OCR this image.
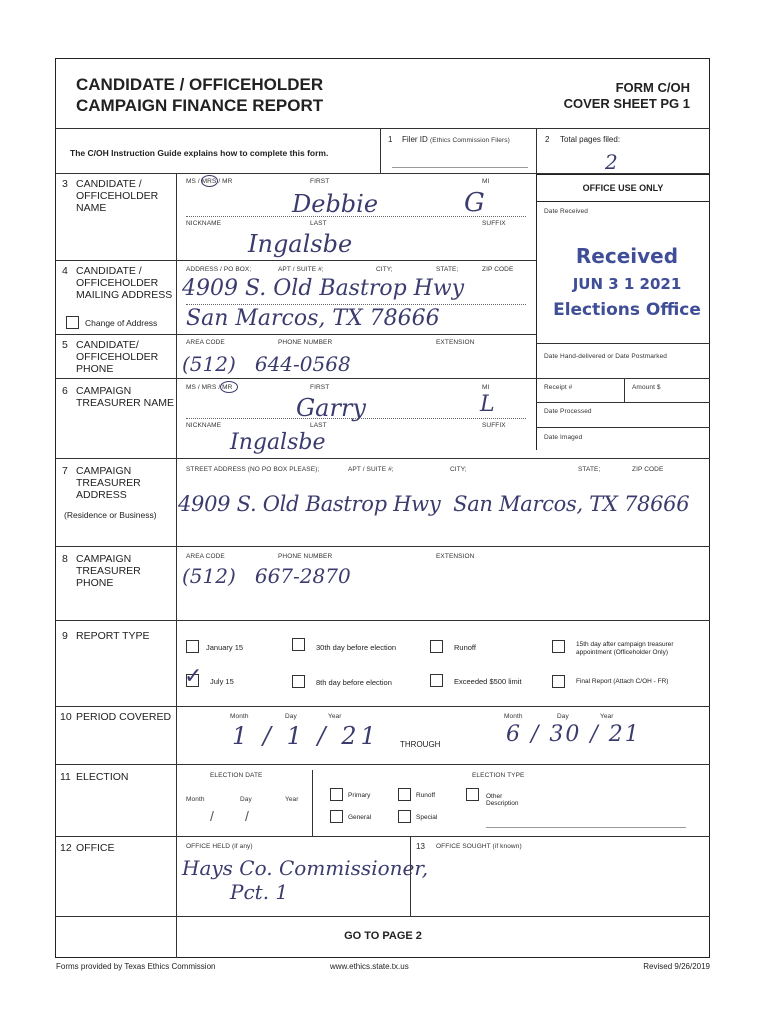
CANDIDATE / OFFICEHOLDER
CAMPAIGN FINANCE REPORT
FORM C/OH
COVER SHEET PG 1
The C/OH Instruction Guide explains how to complete this form.
1 Filer ID (Ethics Commission Filers)	2 Total pages filed:
2
OFFICE USE ONLY
Date Received
Received
JUN 3 1 2021
Elections Office
Date Hand-delivered or Date Postmarked
Receipt #	Amount $
Date Processed
Date Imaged
3 CANDIDATE / OFFICEHOLDER NAME
MS / MRS / MR	FIRST	MI
Debbie	G
NICKNAME	LAST	SUFFIX
Ingalsbe
4 CANDIDATE / OFFICEHOLDER MAILING ADDRESS
ADDRESS / PO BOX;	APT / SUITE #;	CITY;	STATE;	ZIP CODE
4909 S. Old Bastrop Hwy
San Marcos, TX 78666
Change of Address
5 CANDIDATE/ OFFICEHOLDER PHONE
AREA CODE	PHONE NUMBER	EXTENSION
(512)   644-0568
6 CAMPAIGN TREASURER NAME
MS / MRS / MR	FIRST	MI
Garry	L
NICKNAME	LAST	SUFFIX
Ingalsbe
7 CAMPAIGN TREASURER ADDRESS
(Residence or Business)
STREET ADDRESS (NO PO BOX PLEASE);	APT / SUITE #;	CITY;	STATE;	ZIP CODE
4909 S. Old Bastrop Hwy  San Marcos, TX 78666
8 CAMPAIGN TREASURER PHONE
AREA CODE	PHONE NUMBER	EXTENSION
(512)   667-2870
9 REPORT TYPE
January 15	30th day before election	Runoff	15th day after campaign treasurer appointment (Officeholder Only)
✓ July 15	8th day before election	Exceeded $500 limit	Final Report (Attach C/OH - FR)
10 PERIOD COVERED	Month	Day	Year
1 / 1 / 21	THROUGH
Month	Day	Year
6 / 30 / 21
11 ELECTION	ELECTION DATE
Month	Day	Year
/        /
ELECTION TYPE
Primary	Runoff	Other
Description
General	Special
12 OFFICE	OFFICE HELD (if any)
Hays Co. Commissioner,
Pct. 1
13 OFFICE SOUGHT (if known)
GO TO PAGE 2
Forms provided by Texas Ethics Commission	www.ethics.state.tx.us	Revised 9/26/2019
